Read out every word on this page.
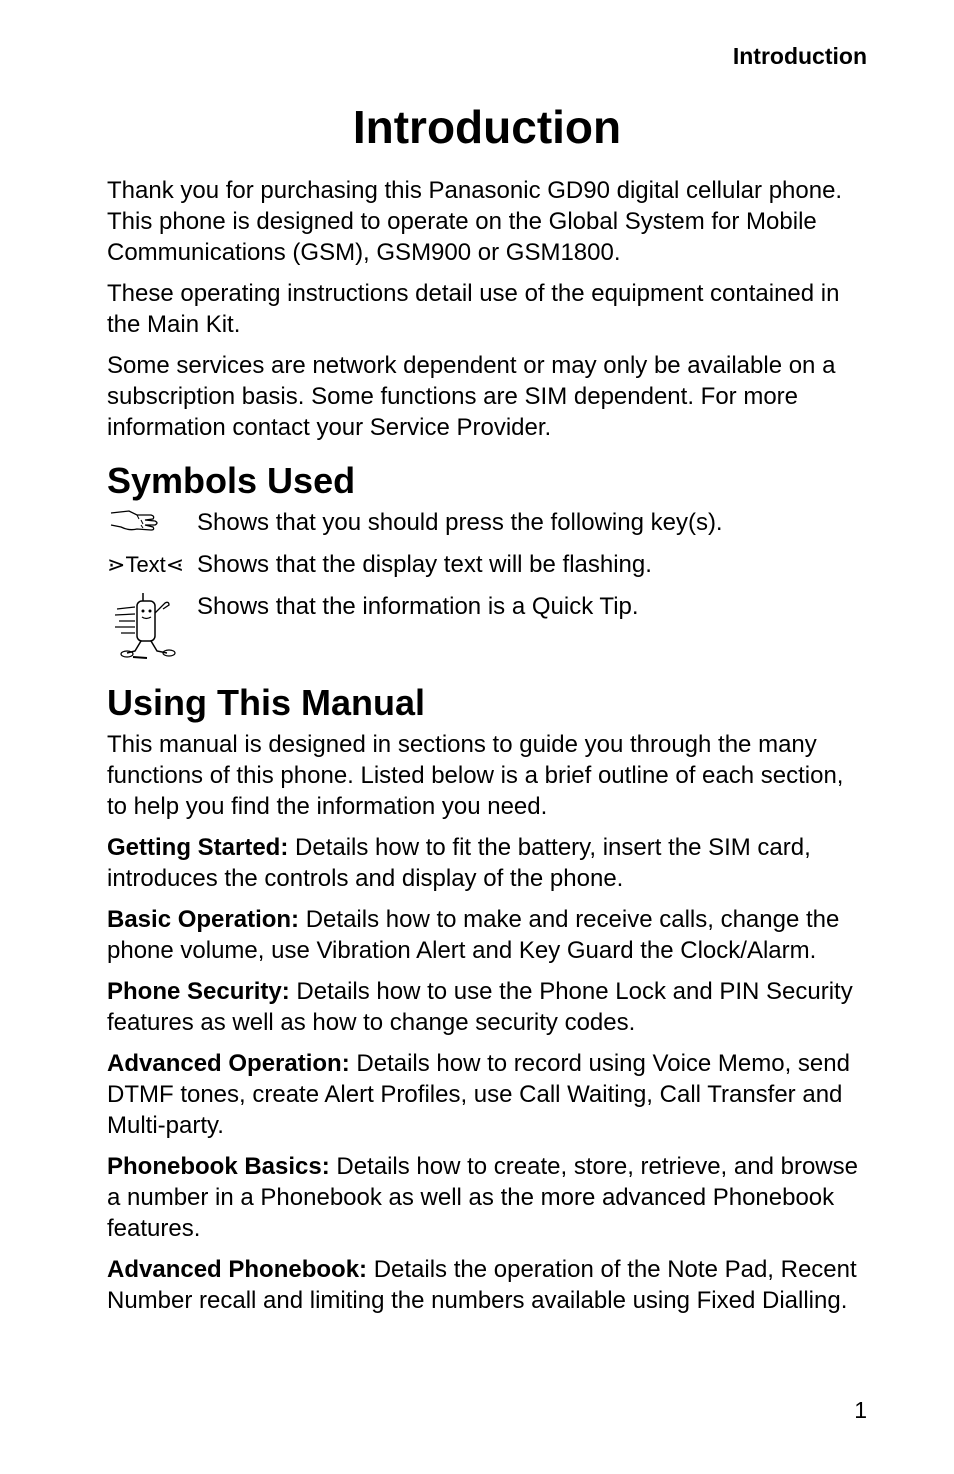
Introduction
Introduction

Thank you for purchasing this Panasonic GD90 digital cellular phone. This phone is designed to operate on the Global System for Mobile Communications (GSM), GSM900 or GSM1800.

These operating instructions detail use of the equipment contained in the Main Kit.

Some services are network dependent or may only be available on a subscription basis. Some functions are SIM dependent. For more information contact your Service Provider.

Symbols Used
Shows that you should press the following key(s).
⋗Text⋖ Shows that the display text will be flashing.
Shows that the information is a Quick Tip.
Using This Manual

This manual is designed in sections to guide you through the many functions of this phone. Listed below is a brief outline of each section, to help you find the information you need.

Getting Started: Details how to fit the battery, insert the SIM card, introduces the controls and display of the phone.

Basic Operation: Details how to make and receive calls, change the phone volume, use Vibration Alert and Key Guard the Clock/Alarm.

Phone Security: Details how to use the Phone Lock and PIN Security features as well as how to change security codes.

Advanced Operation: Details how to record using Voice Memo, send DTMF tones, create Alert Profiles, use Call Waiting, Call Transfer and Multi-party.

Phonebook Basics: Details how to create, store, retrieve, and browse a number in a Phonebook as well as the more advanced Phonebook features.

Advanced Phonebook: Details the operation of the Note Pad, Recent Number recall and limiting the numbers available using Fixed Dialling.

1
